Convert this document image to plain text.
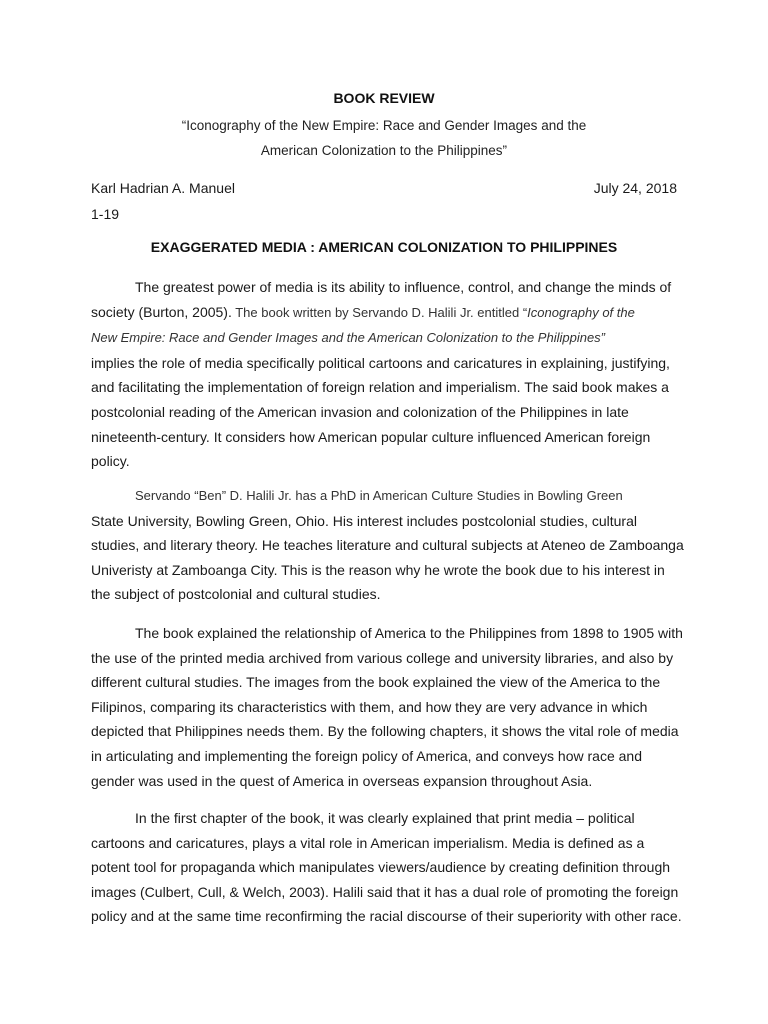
BOOK REVIEW
“Iconography of the New Empire: Race and Gender Images and the
American Colonization to the Philippines”
Karl Hadrian A. Manuel	July 24, 2018
1-19
EXAGGERATED MEDIA : AMERICAN COLONIZATION TO PHILIPPINES
The greatest power of media is its ability to influence, control, and change the minds of
society (Burton, 2005). The book written by Servando D. Halili Jr. entitled “Iconography of the
New Empire: Race and Gender Images and the American Colonization to the Philippines”
implies the role of media specifically political cartoons and caricatures in explaining, justifying,
and facilitating the implementation of foreign relation and imperialism. The said book makes a
postcolonial reading of the American invasion and colonization of the Philippines in late
nineteenth-century. It considers how American popular culture influenced American foreign
policy.
Servando “Ben” D. Halili Jr. has a PhD in American Culture Studies in Bowling Green
State University, Bowling Green, Ohio. His interest includes postcolonial studies, cultural
studies, and literary theory. He teaches literature and cultural subjects at Ateneo de Zamboanga
Univeristy at Zamboanga City. This is the reason why he wrote the book due to his interest in
the subject of postcolonial and cultural studies.
The book explained the relationship of America to the Philippines from 1898 to 1905 with
the use of the printed media archived from various college and university libraries, and also by
different cultural studies. The images from the book explained the view of the America to the
Filipinos, comparing its characteristics with them, and how they are very advance in which
depicted that Philippines needs them. By the following chapters, it shows the vital role of media
in articulating and implementing the foreign policy of America, and conveys how race and
gender was used in the quest of America in overseas expansion throughout Asia.
In the first chapter of the book, it was clearly explained that print media – political
cartoons and caricatures, plays a vital role in American imperialism. Media is defined as a
potent tool for propaganda which manipulates viewers/audience by creating definition through
images (Culbert, Cull, & Welch, 2003). Halili said that it has a dual role of promoting the foreign
policy and at the same time reconfirming the racial discourse of their superiority with other race.
